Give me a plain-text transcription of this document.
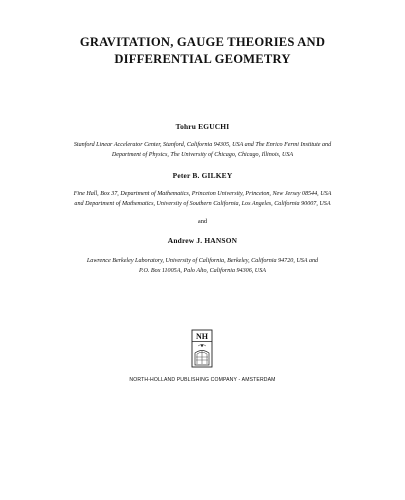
GRAVITATION, GAUGE THEORIES AND
DIFFERENTIAL GEOMETRY
Tohru EGUCHI
Stanford Linear Accelerator Center, Stanford, California 94305, USA and The Enrico Fermi Institute and
Department of Physics, The University of Chicago, Chicago, Illinois, USA
Peter B. GILKEY
Fine Hall, Box 37, Department of Mathematics, Princeton University, Princeton, New Jersey 08544, USA
and Department of Mathematics, University of Southern California, Los Angeles, California 90007, USA
and
Andrew J. HANSON
Lawrence Berkeley Laboratory, University of California, Berkeley, California 94720, USA and
P.O. Box 11005A, Palo Alto, California 94306, USA
NH
NORTH-HOLLAND PUBLISHING COMPANY - AMSTERDAM
